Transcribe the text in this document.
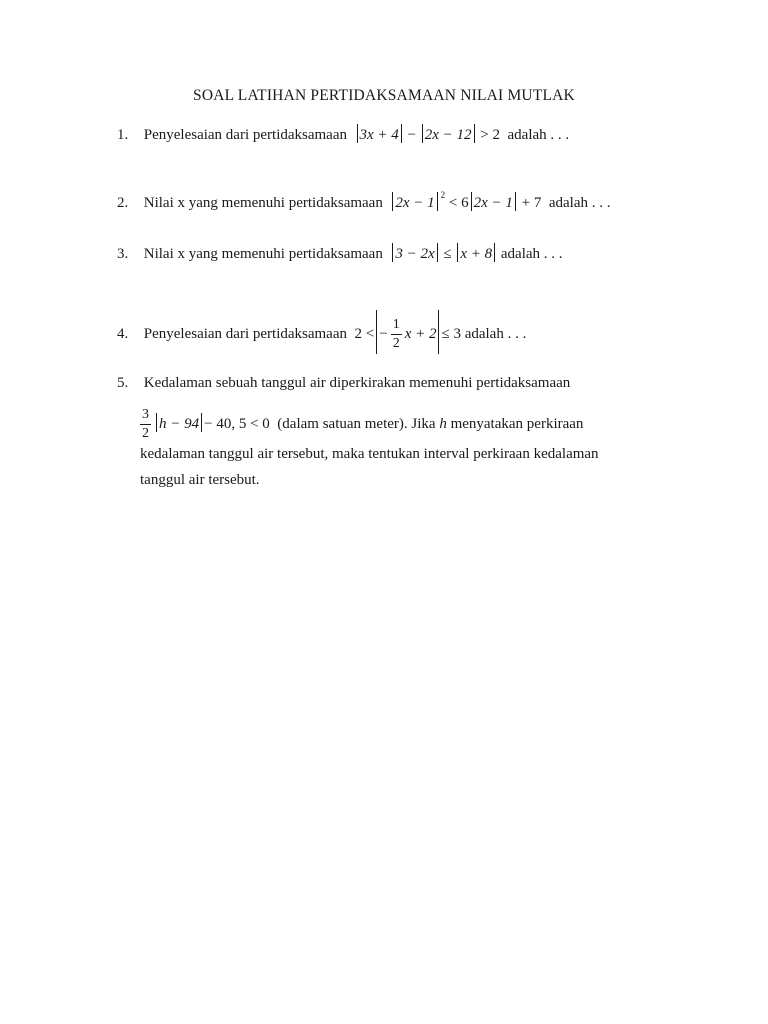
SOAL LATIHAN PERTIDAKSAMAAN NILAI MUTLAK
1. Penyelesaian dari pertidaksamaan 3x + 4 − 2x − 12 > 2 adalah . . .
2. Nilai x yang memenuhi pertidaksamaan 2x − 1 $^2$ < 6 2x − 1 + 7 adalah . . .
3. Nilai x yang memenuhi pertidaksamaan 3 − 2x ≤ x + 8 adalah . . .
4. Penyelesaian dari pertidaksamaan 2 < − $\frac{1}{2}$ x + 2 ≤ 3 adalah . . .
5. Kedalaman sebuah tanggul air diperkirakan memenuhi pertidaksamaan
$\frac{3}{2}$ h − 94 − 40, 5 < 0 (dalam satuan meter). Jika h menyatakan perkiraan
kedalaman tanggul air tersebut, maka tentukan interval perkiraan kedalaman
tanggul air tersebut.
